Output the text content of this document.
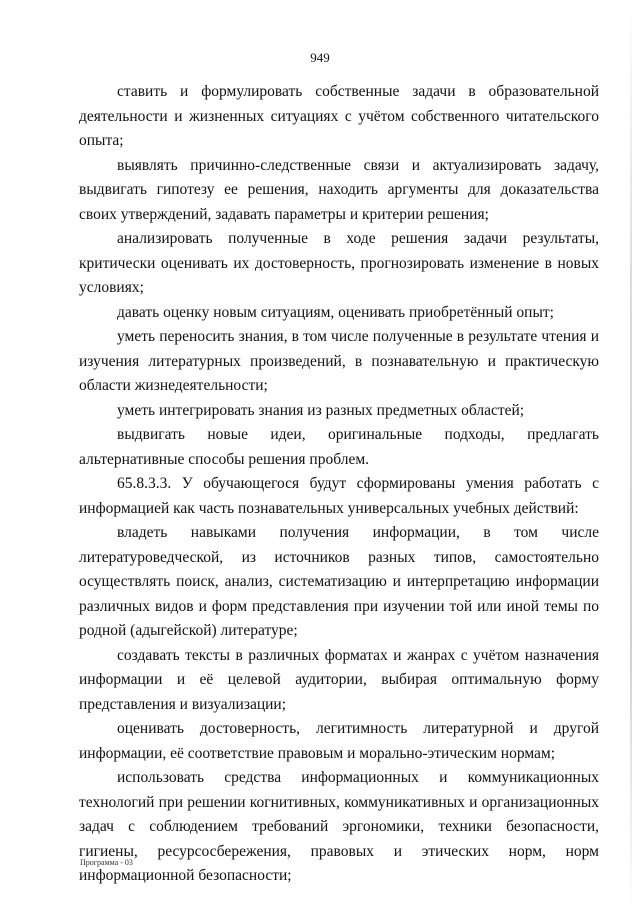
949

ставить и формулировать собственные задачи в образовательной деятельности и жизненных ситуациях с учётом собственного читательского опыта;

выявлять причинно-следственные связи и актуализировать задачу, выдвигать гипотезу ее решения, находить аргументы для доказательства своих утверждений, задавать параметры и критерии решения;

анализировать полученные в ходе решения задачи результаты, критически оценивать их достоверность, прогнозировать изменение в новых условиях;

давать оценку новым ситуациям, оценивать приобретённый опыт;

уметь переносить знания, в том числе полученные в результате чтения и изучения литературных произведений, в познавательную и практическую области жизнедеятельности;

уметь интегрировать знания из разных предметных областей;

выдвигать новые идеи, оригинальные подходы, предлагать альтернативные способы решения проблем.

65.8.3.3. У обучающегося будут сформированы умения работать с информацией как часть познавательных универсальных учебных действий:

владеть навыками получения информации, в том числе литературоведческой, из источников разных типов, самостоятельно осуществлять поиск, анализ, систематизацию и интерпретацию информации различных видов и форм представления при изучении той или иной темы по родной (адыгейской) литературе;

создавать тексты в различных форматах и жанрах с учётом назначения информации и её целевой аудитории, выбирая оптимальную форму представления и визуализации;

оценивать достоверность, легитимность литературной и другой информации, её соответствие правовым и морально-этическим нормам;

использовать средства информационных и коммуникационных технологий при решении когнитивных, коммуникативных и организационных задач с соблюдением требований эргономики, техники безопасности, гигиены, ресурсосбережения, правовых и этических норм, норм информационной безопасности;

Программа - 03
